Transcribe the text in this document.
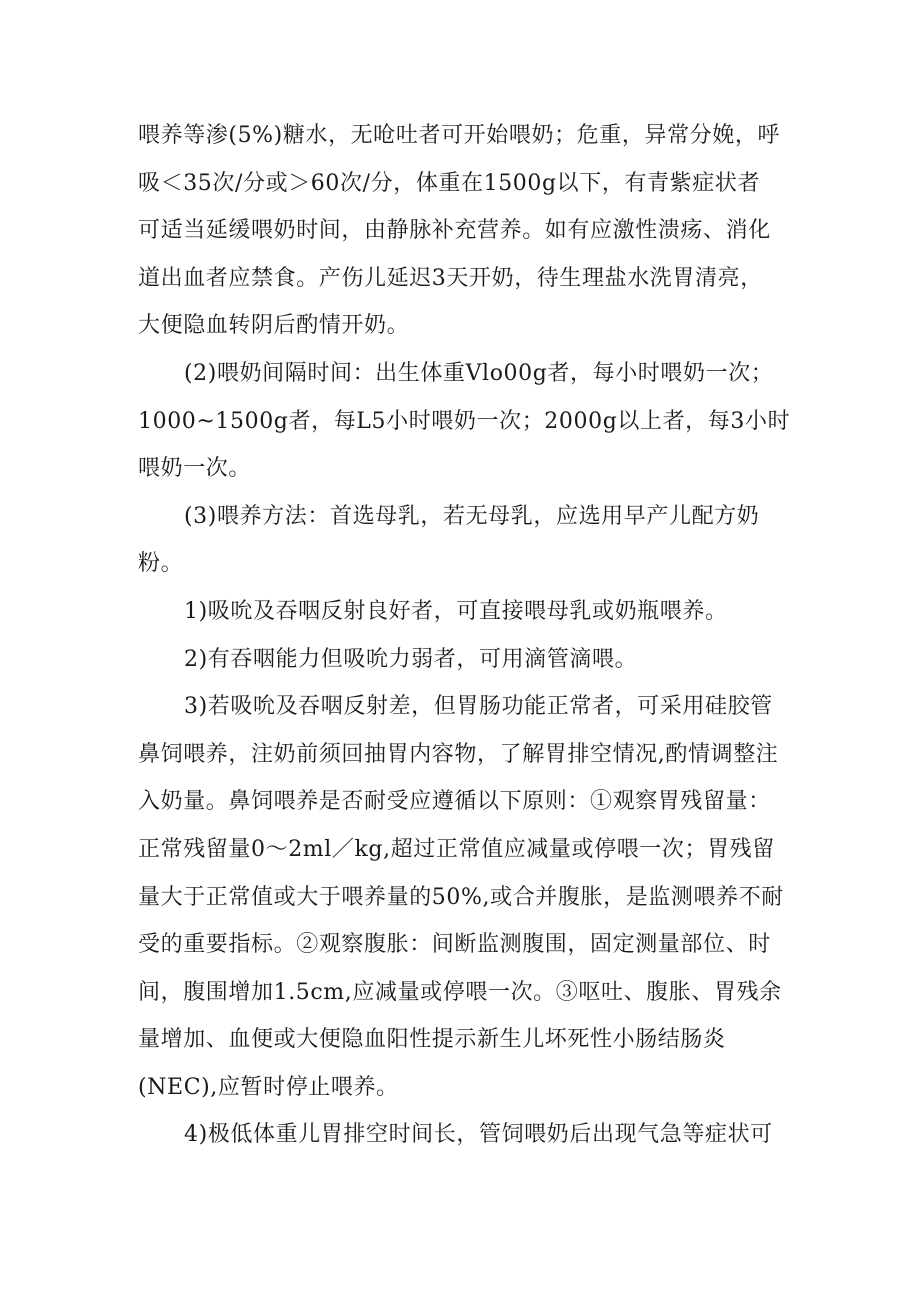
喂养等渗(5%)糖水，无呛吐者可开始喂奶；危重，异常分娩，呼
吸＜35次/分或＞60次/分，体重在1500g以下，有青紫症状者
可适当延缓喂奶时间，由静脉补充营养。如有应激性溃疡、消化
道出血者应禁食。产伤儿延迟3天开奶，待生理盐水洗胃清亮，
大便隐血转阴后酌情开奶。
(2)喂奶间隔时间：出生体重Vlo00g者，每小时喂奶一次；
1000~1500g者，每L5小时喂奶一次；2000g以上者，每3小时
喂奶一次。
(3)喂养方法：首选母乳，若无母乳，应选用早产儿配方奶
粉。
1)吸吮及吞咽反射良好者，可直接喂母乳或奶瓶喂养。
2)有吞咽能力但吸吮力弱者，可用滴管滴喂。
3)若吸吮及吞咽反射差，但胃肠功能正常者，可采用硅胶管
鼻饲喂养，注奶前须回抽胃内容物，了解胃排空情况,酌情调整注
入奶量。鼻饲喂养是否耐受应遵循以下原则：①观察胃残留量：
正常残留量0～2ml／kg,超过正常值应减量或停喂一次；胃残留
量大于正常值或大于喂养量的50%,或合并腹胀，是监测喂养不耐
受的重要指标。②观察腹胀：间断监测腹围，固定测量部位、时
间，腹围增加1.5cm,应减量或停喂一次。③呕吐、腹胀、胃残余
量增加、血便或大便隐血阳性提示新生儿坏死性小肠结肠炎
(NEC),应暂时停止喂养。
4)极低体重儿胃排空时间长，管饲喂奶后出现气急等症状可
